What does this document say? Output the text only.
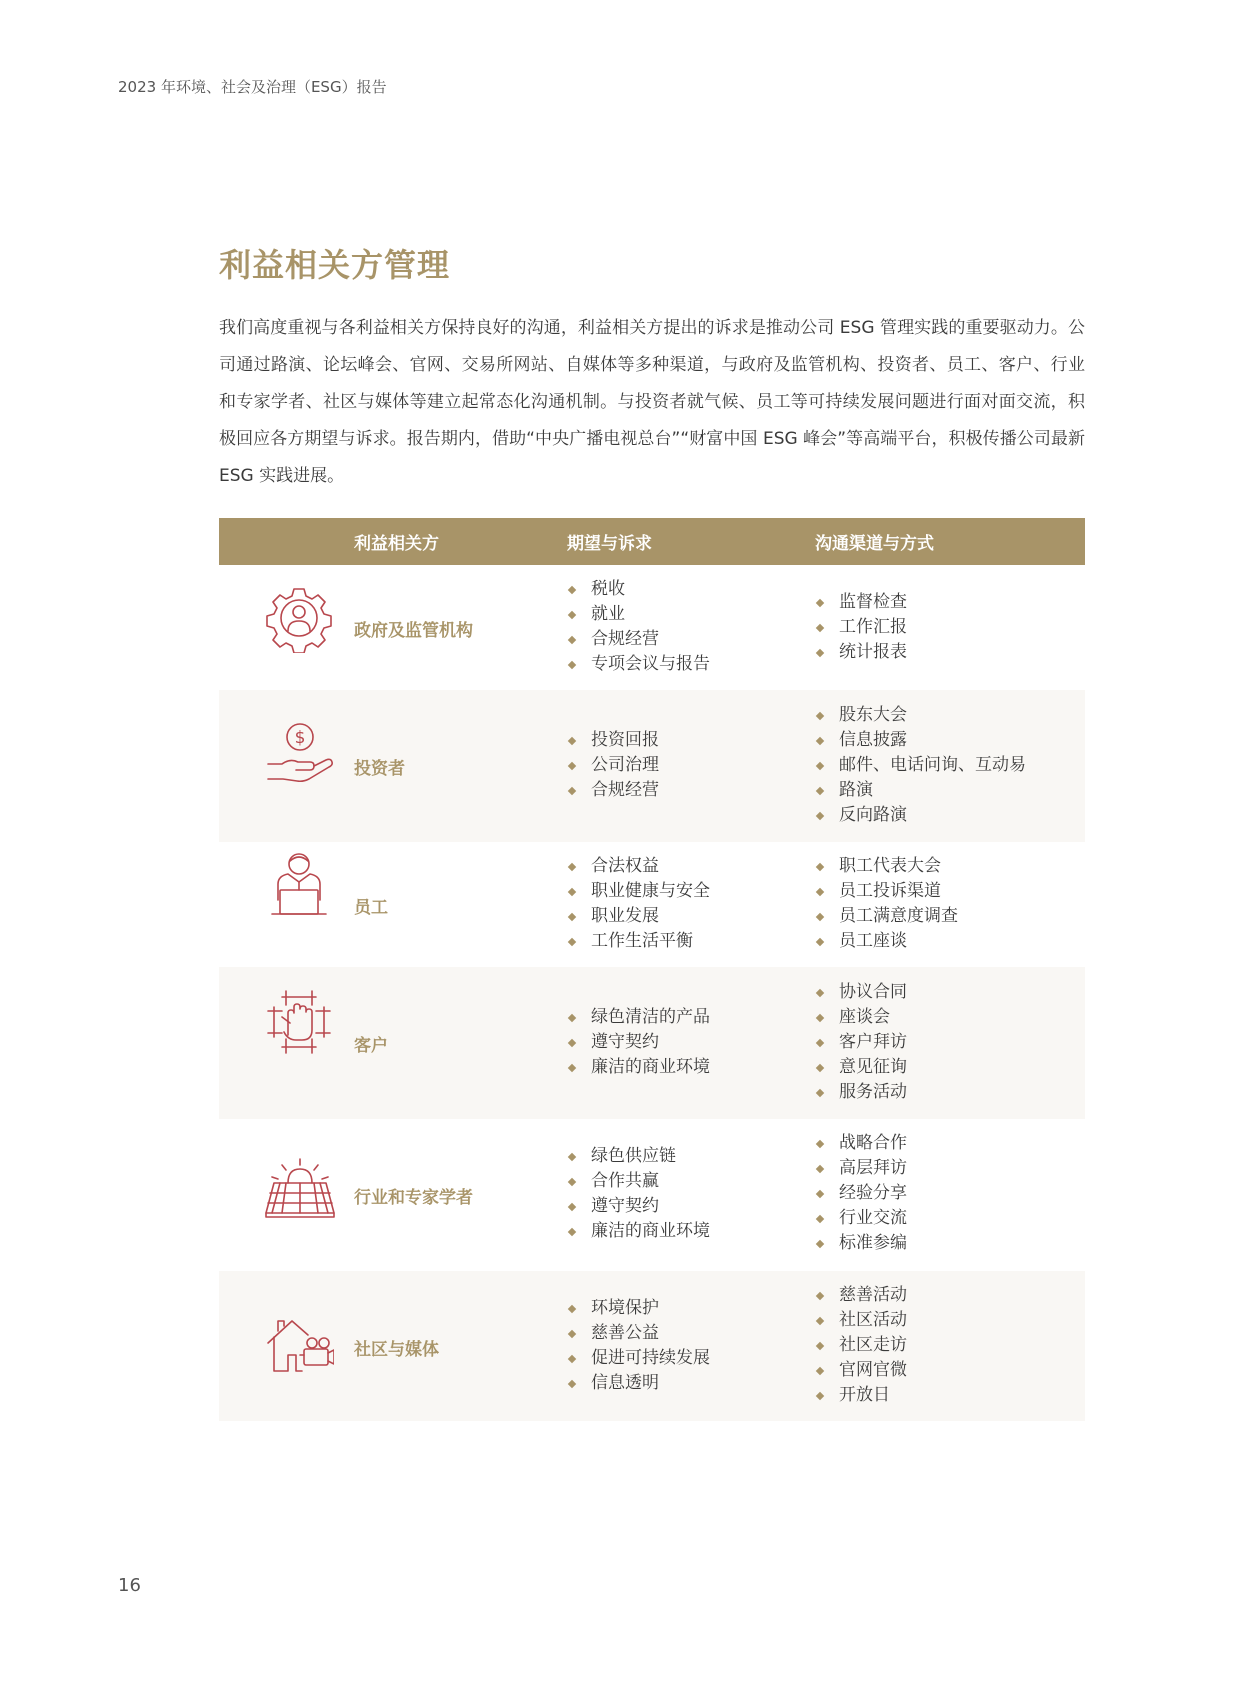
2023 年环境、社会及治理（ESG）报告
利益相关方管理

我们高度重视与各利益相关方保持良好的沟通，利益相关方提出的诉求是推动公司 ESG 管理实践的重要驱动力。公司通过路演、论坛峰会、官网、交易所网站、自媒体等多种渠道，与政府及监管机构、投资者、员工、客户、行业和专家学者、社区与媒体等建立起常态化沟通机制。与投资者就气候、员工等可持续发展问题进行面对面交流，积极回应各方期望与诉求。报告期内，借助“中央广播电视总台”“财富中国 ESG 峰会”等高端平台，积极传播公司最新 ESG 实践进展。

利益相关方	期望与诉求	沟通渠道与方式
政府及监管机构
税收
就业
合规经营
专项会议与报告
监督检查
工作汇报
统计报表
$
投资者
投资回报
公司治理
合规经营
股东大会
信息披露
邮件、电话问询、互动易
路演
反向路演
员工
合法权益
职业健康与安全
职业发展
工作生活平衡
职工代表大会
员工投诉渠道
员工满意度调查
员工座谈
客户
绿色清洁的产品
遵守契约
廉洁的商业环境
协议合同
座谈会
客户拜访
意见征询
服务活动
行业和专家学者
绿色供应链
合作共赢
遵守契约
廉洁的商业环境
战略合作
高层拜访
经验分享
行业交流
标准参编
社区与媒体
环境保护
慈善公益
促进可持续发展
信息透明
慈善活动
社区活动
社区走访
官网官微
开放日
16
